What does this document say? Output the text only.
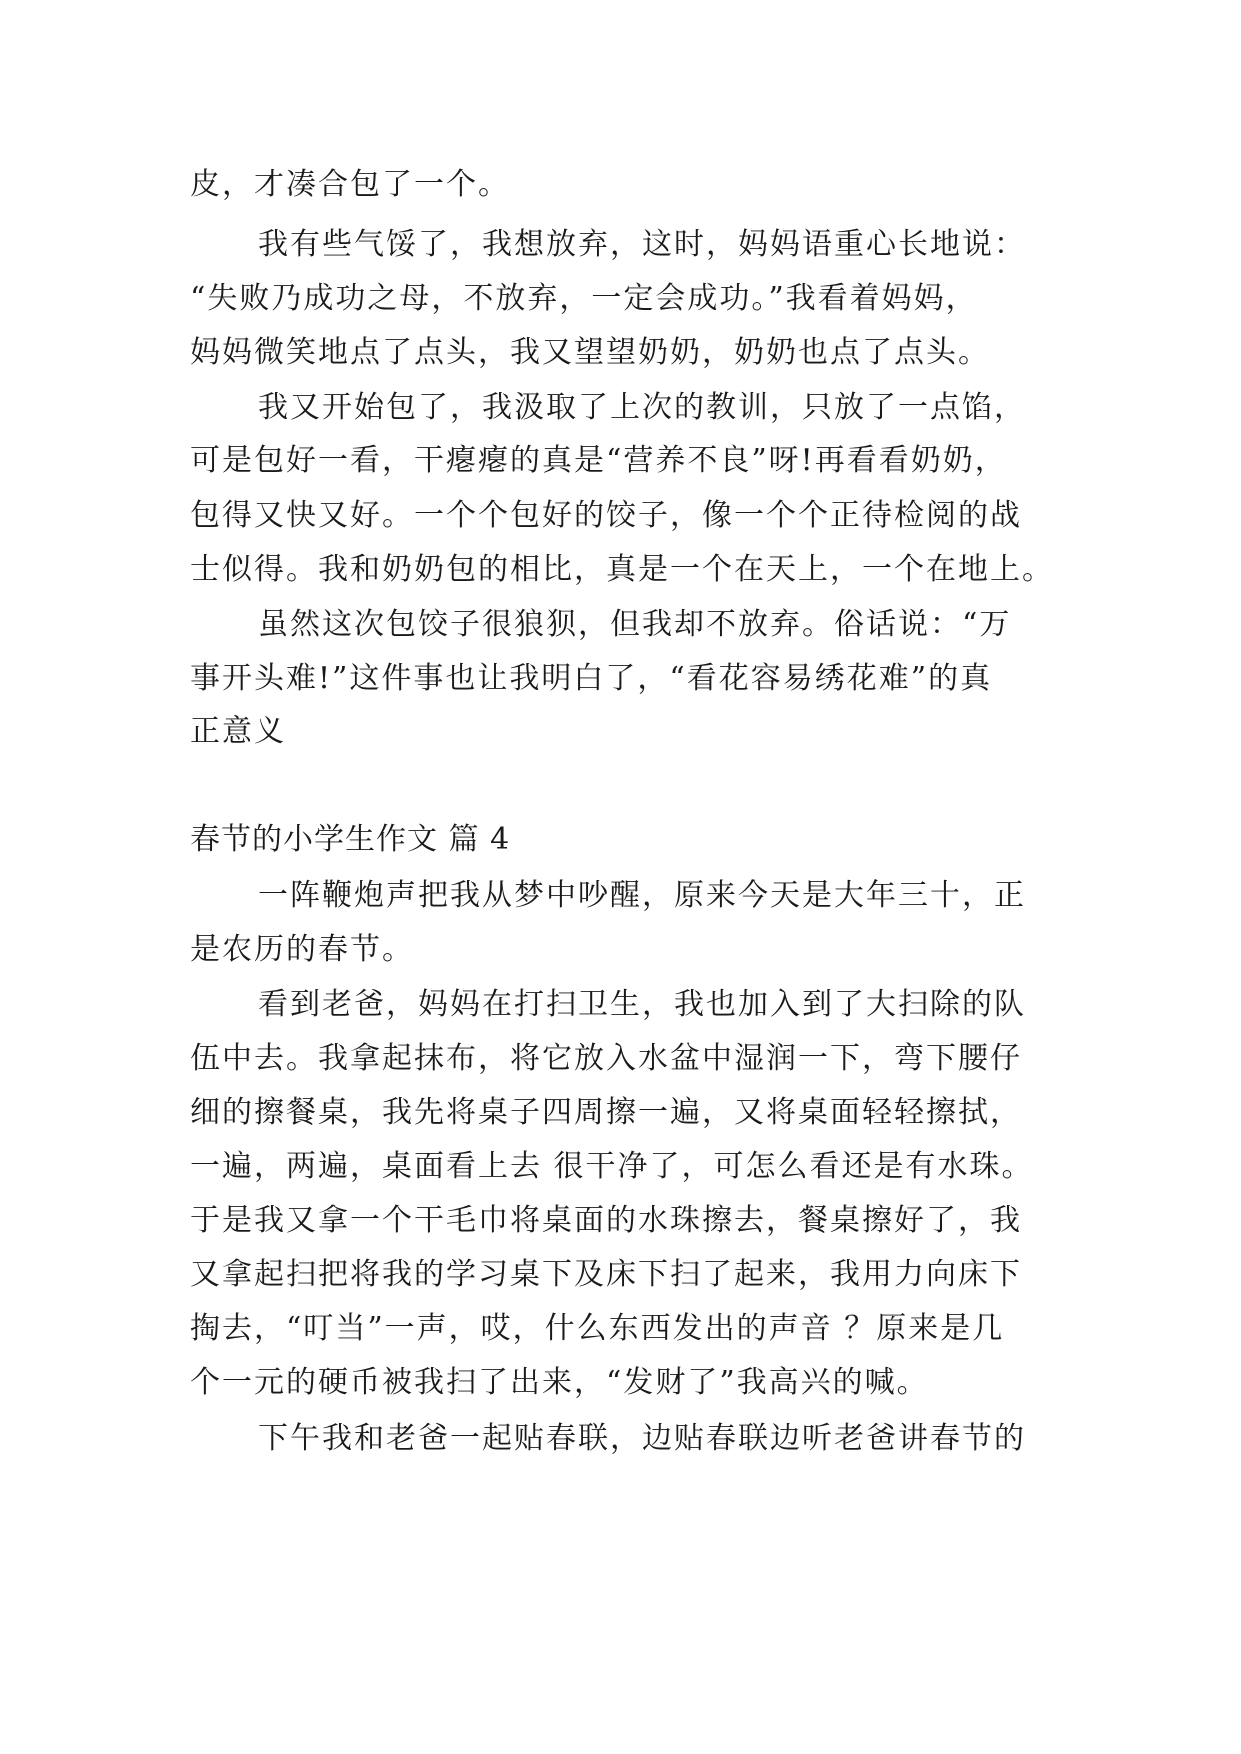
皮，才凑合包了一个。
我有些气馁了，我想放弃，这时，妈妈语重心长地说：
“失败乃成功之母，不放弃，一定会成功。”我看着妈妈，
妈妈微笑地点了点头，我又望望奶奶，奶奶也点了点头。
我又开始包了，我汲取了上次的教训，只放了一点馅，
可是包好一看，干瘪瘪的真是“营养不良”呀!再看看奶奶，
包得又快又好。一个个包好的饺子，像一个个正待检阅的战
士似得。我和奶奶包的相比，真是一个在天上，一个在地上。
虽然这次包饺子很狼狈，但我却不放弃。俗话说：“万
事开头难!”这件事也让我明白了，“看花容易绣花难”的真
正意义
春节的小学生作文 篇 4
一阵鞭炮声把我从梦中吵醒，原来今天是大年三十，正
是农历的春节。
看到老爸，妈妈在打扫卫生，我也加入到了大扫除的队
伍中去。我拿起抹布，将它放入水盆中湿润一下，弯下腰仔
细的擦餐桌，我先将桌子四周擦一遍，又将桌面轻轻擦拭，
一遍，两遍，桌面看上去 很干净了，可怎么看还是有水珠。
于是我又拿一个干毛巾将桌面的水珠擦去，餐桌擦好了，我
又拿起扫把将我的学习桌下及床下扫了起来，我用力向床下
掏去，“叮当”一声，哎，什么东西发出的声音 ？原来是几
个一元的硬币被我扫了出来，“发财了”我高兴的喊。
下午我和老爸一起贴春联，边贴春联边听老爸讲春节的
